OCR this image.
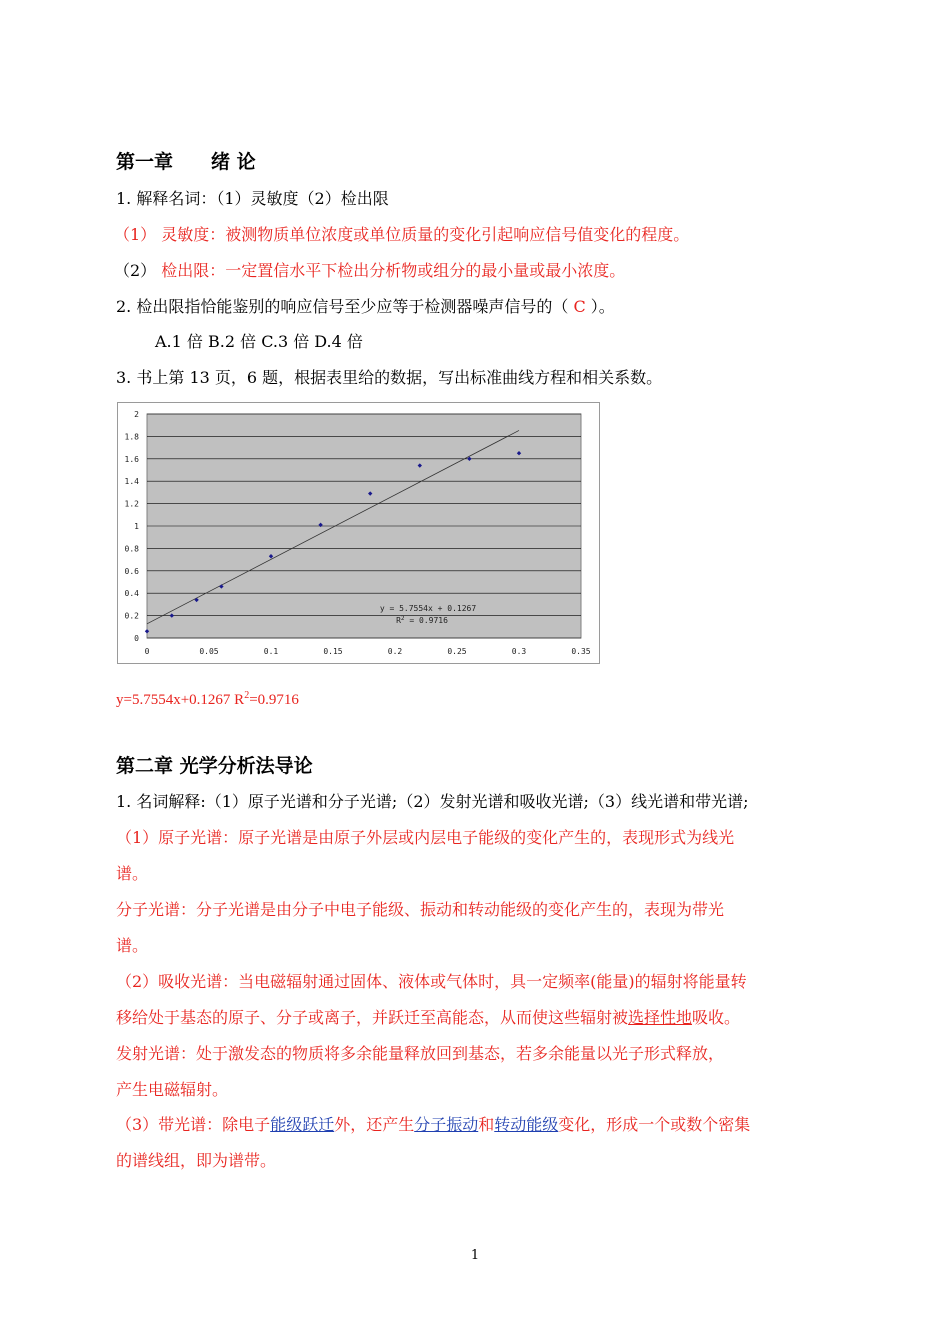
第一章　　绪 论
1. 解释名词：（1）灵敏度（2）检出限
（1） 灵敏度：被测物质单位浓度或单位质量的变化引起响应信号值变化的程度。
（2） 检出限：一定置信水平下检出分析物或组分的最小量或最小浓度。
2. 检出限指恰能鉴别的响应信号至少应等于检测器噪声信号的（ C ）。
A.1 倍 B.2 倍 C.3 倍 D.4 倍
3. 书上第 13 页，6 题，根据表里给的数据，写出标准曲线方程和相关系数。
0
0.2
0.4
0.6
0.8
1
1.2
1.4
1.6
1.8
2
0	0.05	0.1	0.15	0.2	0.25	0.3	0.35
y = 5.7554x + 0.1267
$R^2 = 0.9716$
y=5.7554x+0.1267 $R^2=0.9716$
第二章 光学分析法导论
1. 名词解释:（1）原子光谱和分子光谱;（2）发射光谱和吸收光谱;（3）线光谱和带光谱;
（1）原子光谱：原子光谱是由原子外层或内层电子能级的变化产生的，表现形式为线光
谱。
分子光谱：分子光谱是由分子中电子能级、振动和转动能级的变化产生的，表现为带光
谱。
（2）吸收光谱：当电磁辐射通过固体、液体或气体时，具一定频率(能量)的辐射将能量转
移给处于基态的原子、分子或离子，并跃迁至高能态，从而使这些辐射被选择性地吸收。
发射光谱：处于激发态的物质将多余能量释放回到基态，若多余能量以光子形式释放，
产生电磁辐射。
（3）带光谱：除电子能级跃迁外，还产生分子振动和转动能级变化，形成一个或数个密集
的谱线组，即为谱带。
1
